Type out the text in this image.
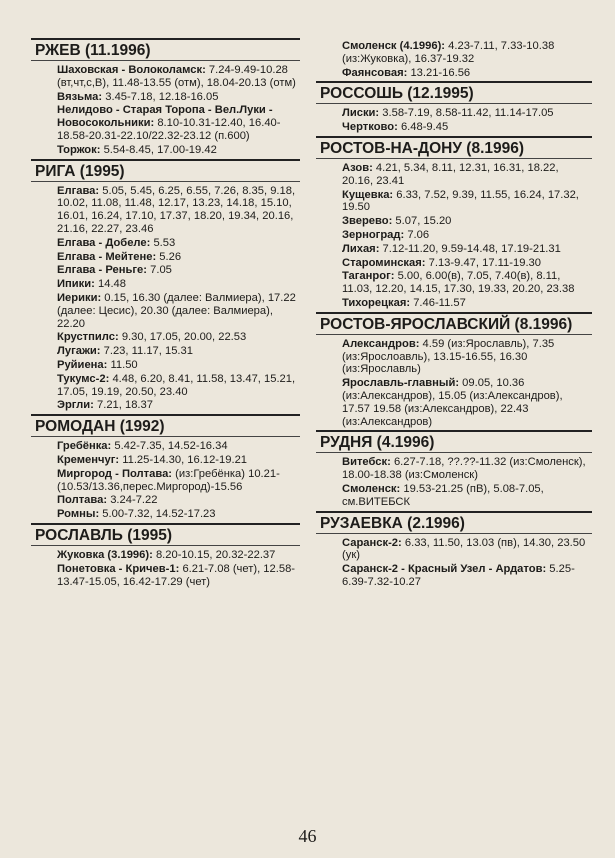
РЖЕВ (11.1996)
Шаховская - Волоколамск: 7.24-9.49-10.28 (вт,чт,с,В), 11.48-13.55 (отм), 18.04-20.13 (отм)
Вязьма: 3.45-7.18, 12.18-16.05
Нелидово - Старая Торопа - Вел.Луки - Новосокольники: 8.10-10.31-12.40, 16.40-18.58-20.31-22.10/22.32-23.12 (п.600)
Торжок: 5.54-8.45, 17.00-19.42
РИГА (1995)
Елгава: 5.05, 5.45, 6.25, 6.55, 7.26, 8.35, 9.18, 10.02, 11.08, 11.48, 12.17, 13.23, 14.18, 15.10, 16.01, 16.24, 17.10, 17.37, 18.20, 19.34, 20.16, 21.16, 22.27, 23.46
Елгава - Добеле: 5.53
Елгава - Мейтене: 5.26
Елгава - Реньге: 7.05
Ипики: 14.48
Иерики: 0.15, 16.30 (далее: Валмиера), 17.22 (далее: Цесис), 20.30 (далее: Валмиера), 22.20
Крустпилс: 9.30, 17.05, 20.00, 22.53
Лугажи: 7.23, 11.17, 15.31
Руйиена: 11.50
Тукумс-2: 4.48, 6.20, 8.41, 11.58, 13.47, 15.21, 17.05, 19.19, 20.50, 23.40
Эргли: 7.21, 18.37
РОМОДАН (1992)
Гребёнка: 5.42-7.35, 14.52-16.34
Кременчуг: 11.25-14.30, 16.12-19.21
Миргород - Полтава: (из:Гребёнка) 10.21-(10.53/13.36,перес.Миргород)-15.56
Полтава: 3.24-7.22
Ромны: 5.00-7.32, 14.52-17.23
РОСЛАВЛЬ (1995)
Жуковка (3.1996): 8.20-10.15, 20.32-22.37
Понетовка - Кричев-1: 6.21-7.08 (чет), 12.58-13.47-15.05, 16.42-17.29 (чет)
Смоленск (4.1996): 4.23-7.11, 7.33-10.38 (из:Жуковка), 16.37-19.32
Фаянсовая: 13.21-16.56
РОССОШЬ (12.1995)
Лиски: 3.58-7.19, 8.58-11.42, 11.14-17.05
Чертково: 6.48-9.45
РОСТОВ-НА-ДОНУ (8.1996)
Азов: 4.21, 5.34, 8.11, 12.31, 16.31, 18.22, 20.16, 23.41
Кущевка: 6.33, 7.52, 9.39, 11.55, 16.24, 17.32, 19.50
Зверево: 5.07, 15.20
Зерноград: 7.06
Лихая: 7.12-11.20, 9.59-14.48, 17.19-21.31
Староминская: 7.13-9.47, 17.11-19.30
Таганрог: 5.00, 6.00(в), 7.05, 7.40(в), 8.11, 11.03, 12.20, 14.15, 17.30, 19.33, 20.20, 23.38
Тихорецкая: 7.46-11.57
РОСТОВ-ЯРОСЛАВСКИЙ (8.1996)
Александров: 4.59 (из:Ярославль), 7.35 (из:Ярослоавль), 13.15-16.55, 16.30 (из:Ярославль)
Ярославль-главный: 09.05, 10.36 (из:Александров), 15.05 (из:Александров), 17.57 19.58 (из:Александров), 22.43 (из:Александров)
РУДНЯ (4.1996)
Витебск: 6.27-7.18, ??.??-11.32 (из:Смоленск), 18.00-18.38 (из:Смоленск)
Смоленск: 19.53-21.25 (пВ), 5.08-7.05, см.ВИТЕБСК
РУЗАЕВКА (2.1996)
Саранск-2: 6.33, 11.50, 13.03 (пв), 14.30, 23.50 (ук)
Саранск-2 - Красный Узел - Ардатов: 5.25-6.39-7.32-10.27
46
